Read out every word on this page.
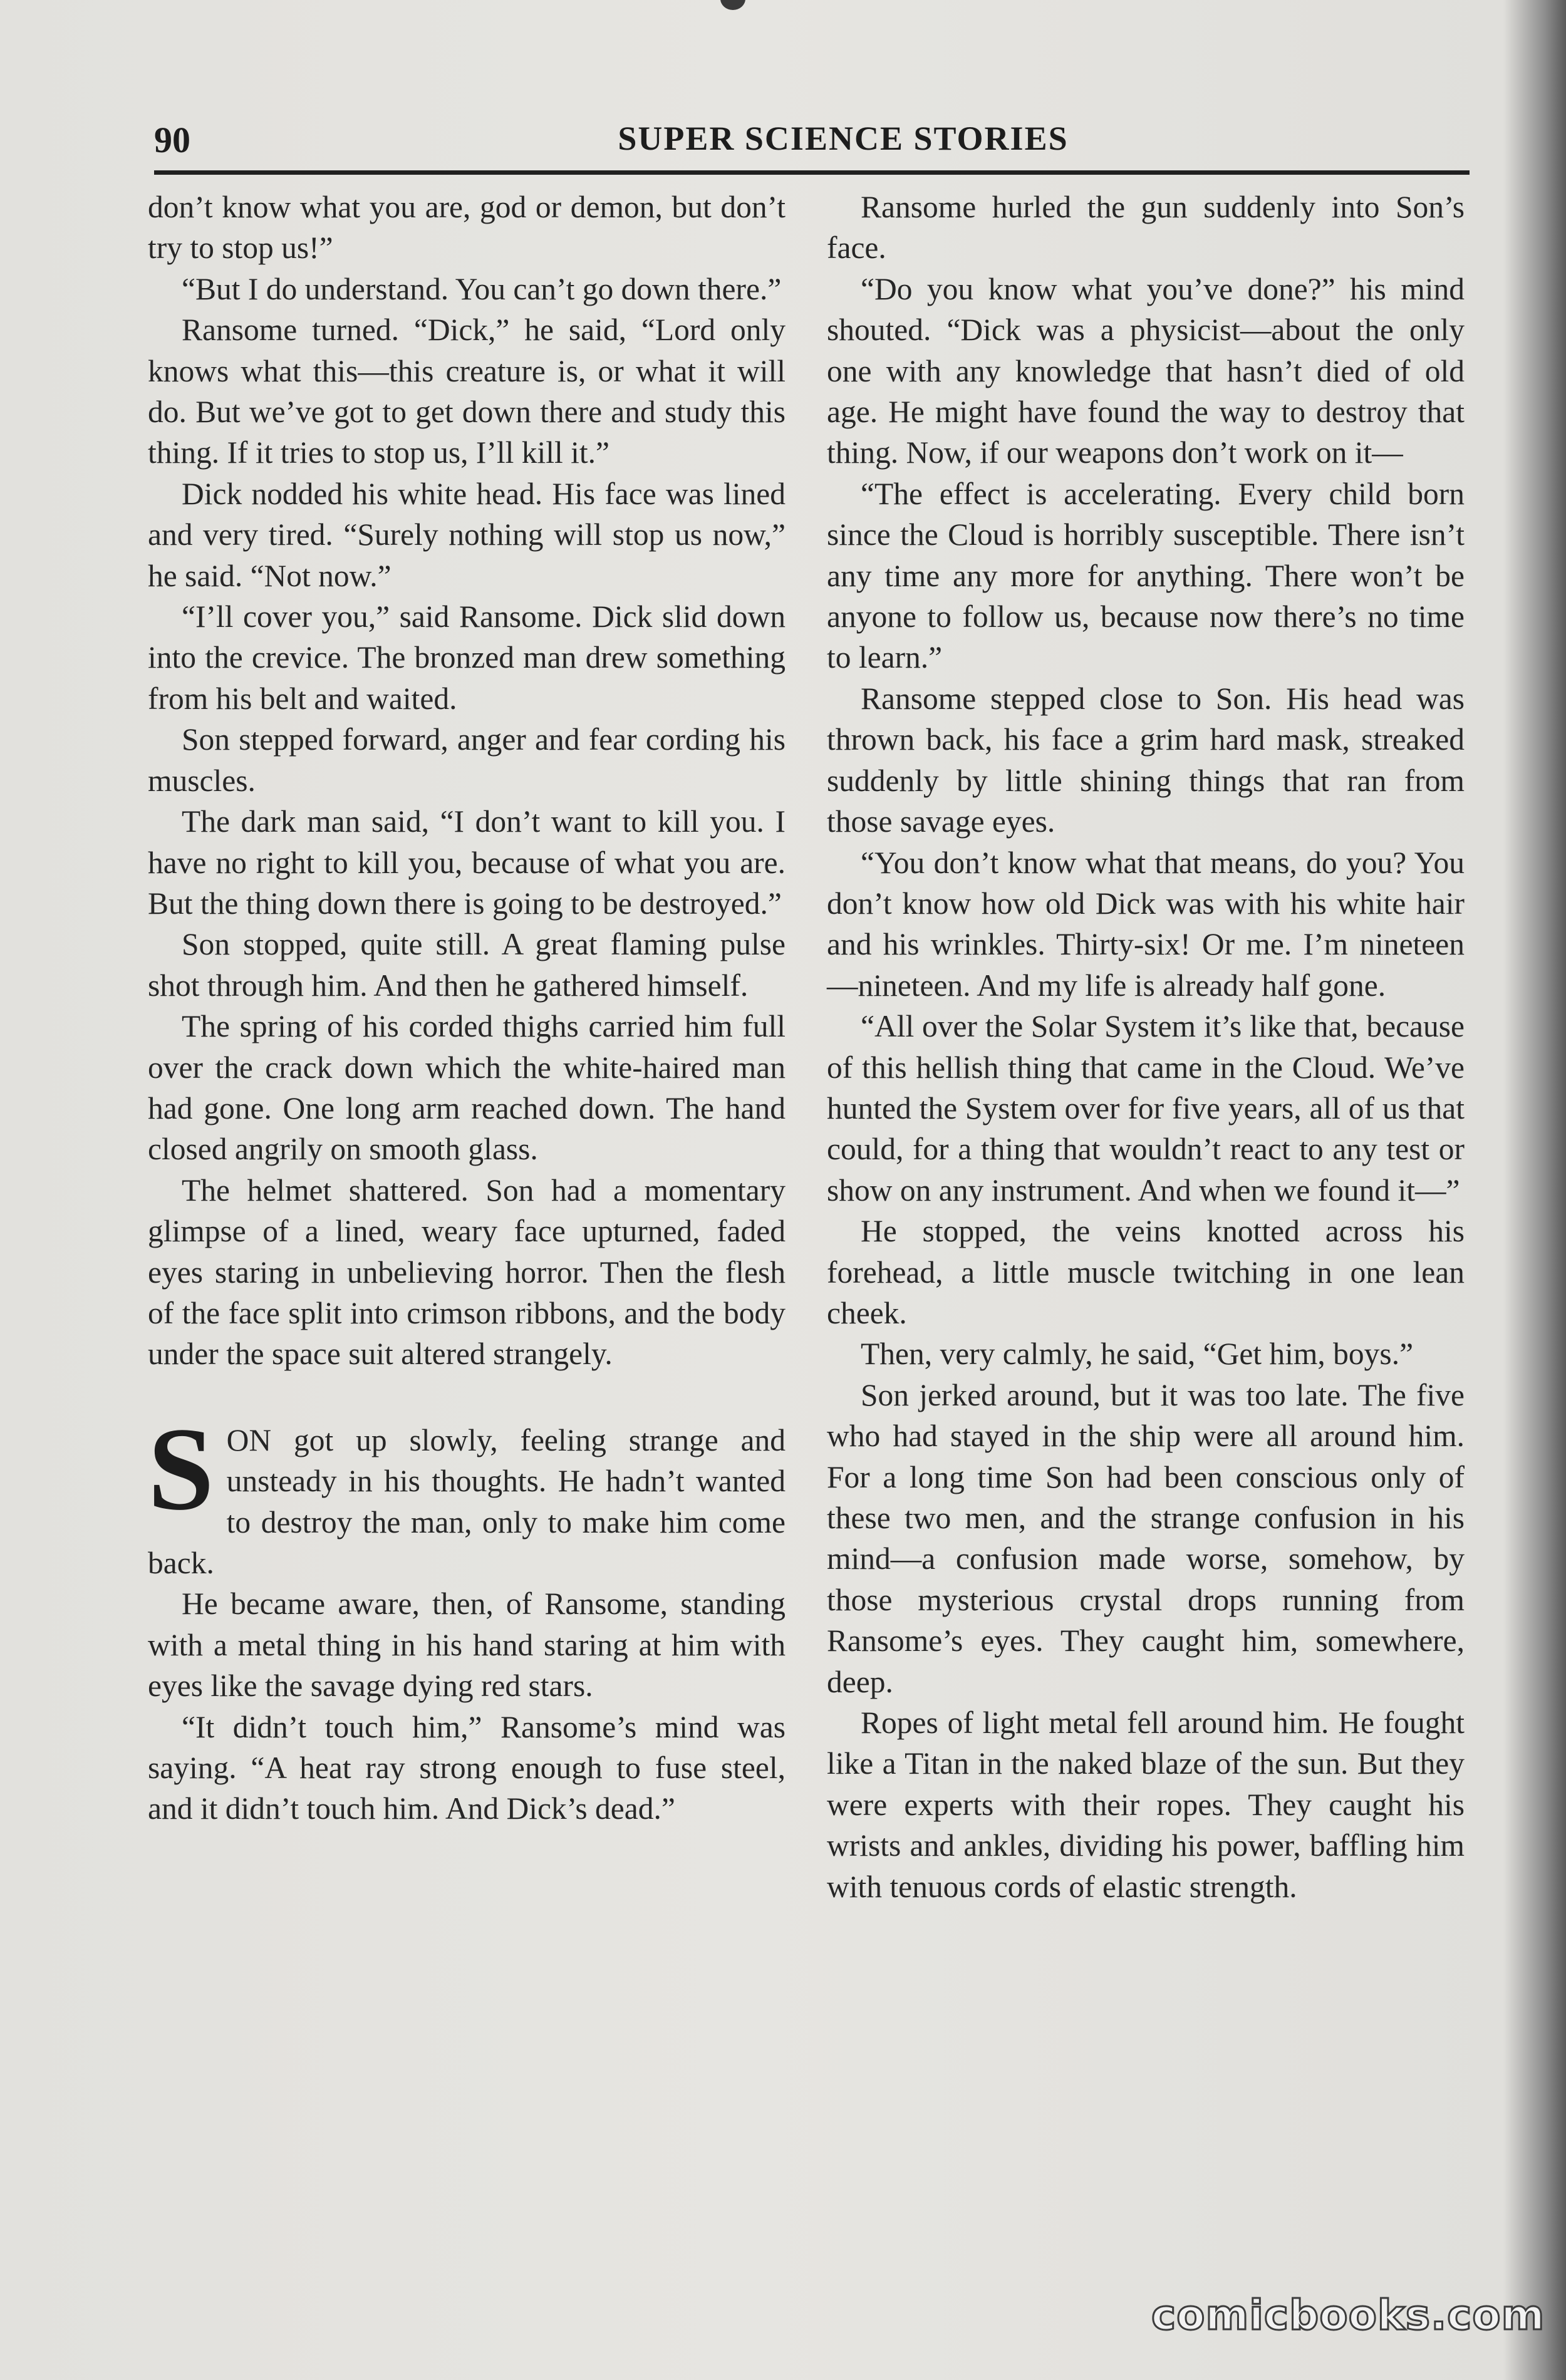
90	SUPER SCIENCE STORIES

don’t know what you are, god or demon, but don’t try to stop us!”

“But I do understand. You can’t go down there.”

Ransome turned. “Dick,” he said, “Lord only knows what this—this creature is, or what it will do. But we’ve got to get down there and study this thing. If it tries to stop us, I’ll kill it.”

Dick nodded his white head. His face was lined and very tired. “Surely nothing will stop us now,” he said. “Not now.”

“I’ll cover you,” said Ransome. Dick slid down into the crevice. The bronzed man drew something from his belt and waited.

Son stepped forward, anger and fear cording his muscles.

The dark man said, “I don’t want to kill you. I have no right to kill you, because of what you are. But the thing down there is going to be destroyed.”

Son stopped, quite still. A great flaming pulse shot through him. And then he gathered himself.

The spring of his corded thighs carried him full over the crack down which the white-haired man had gone. One long arm reached down. The hand closed angrily on smooth glass.

The helmet shattered. Son had a momentary glimpse of a lined, weary face upturned, faded eyes staring in unbelieving horror. Then the flesh of the face split into crimson ribbons, and the body under the space suit altered strangely.

SON got up slowly, feeling strange and unsteady in his thoughts. He hadn’t wanted to destroy the man, only to make him come back.

He became aware, then, of Ransome, standing with a metal thing in his hand staring at him with eyes like the savage dying red stars.

“It didn’t touch him,” Ransome’s mind was saying. “A heat ray strong enough to fuse steel, and it didn’t touch him. And Dick’s dead.”

Ransome hurled the gun suddenly into Son’s face.

“Do you know what you’ve done?” his mind shouted. “Dick was a physicist—about the only one with any knowledge that hasn’t died of old age. He might have found the way to destroy that thing. Now, if our weapons don’t work on it—

“The effect is accelerating. Every child born since the Cloud is horribly susceptible. There isn’t any time any more for anything. There won’t be anyone to follow us, because now there’s no time to learn.”

Ransome stepped close to Son. His head was thrown back, his face a grim hard mask, streaked suddenly by little shining things that ran from those savage eyes.

“You don’t know what that means, do you? You don’t know how old Dick was with his white hair and his wrinkles. Thirty-six! Or me. I’m nineteen—nineteen. And my life is already half gone.

“All over the Solar System it’s like that, because of this hellish thing that came in the Cloud. We’ve hunted the System over for five years, all of us that could, for a thing that wouldn’t react to any test or show on any instrument. And when we found it—”

He stopped, the veins knotted across his forehead, a little muscle twitching in one lean cheek.

Then, very calmly, he said, “Get him, boys.”

Son jerked around, but it was too late. The five who had stayed in the ship were all around him. For a long time Son had been conscious only of these two men, and the strange confusion in his mind—a confusion made worse, somehow, by those mysterious crystal drops running from Ransome’s eyes. They caught him, somewhere, deep.

Ropes of light metal fell around him. He fought like a Titan in the naked blaze of the sun. But they were experts with their ropes. They caught his wrists and ankles, dividing his power, baffling him with tenuous cords of elastic strength.

comicbooks.com
